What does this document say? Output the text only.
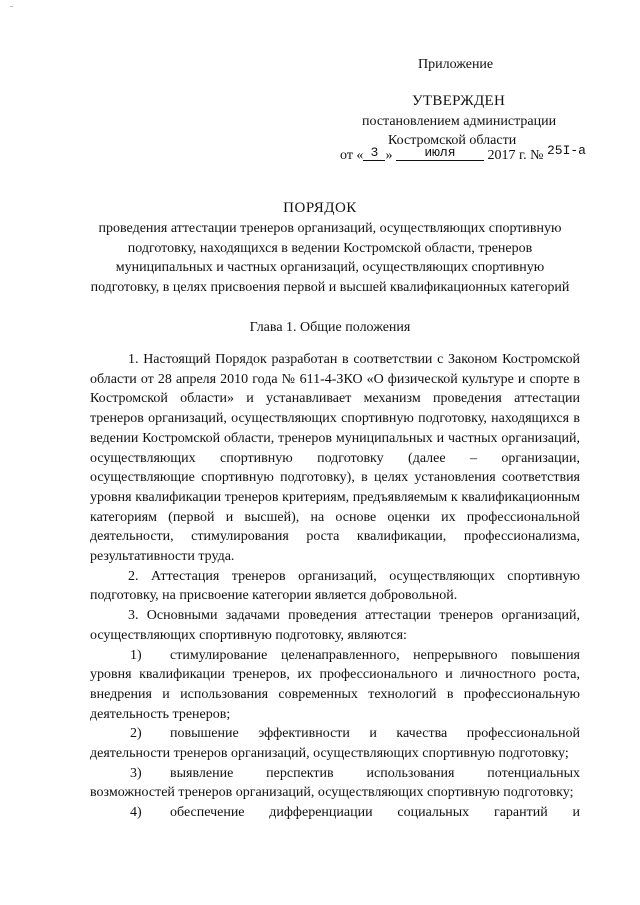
Приложение
УТВЕРЖДЕН
постановлением администрации
Костромской области
от « 3 » июля 2017 г. № 25I-а
ПОРЯДОК
проведения аттестации тренеров организаций, осуществляющих спортивную подготовку, находящихся в ведении Костромской области, тренеров муниципальных и частных организаций, осуществляющих спортивную подготовку, в целях присвоения первой и высшей квалификационных категорий
Глава 1. Общие положения

1. Настоящий Порядок разработан в соответствии с Законом Костромской области от 28 апреля 2010 года № 611-4-ЗКО «О физической культуре и спорте в Костромской области» и устанавливает механизм проведения аттестации тренеров организаций, осуществляющих спортивную подготовку, находящихся в ведении Костромской области, тренеров муниципальных и частных организаций, осуществляющих спортивную подготовку (далее – организации, осуществляющие спортивную подготовку), в целях установления соответствия уровня квалификации тренеров критериям, предъявляемым к квалификационным категориям (первой и высшей), на основе оценки их профессиональной деятельности, стимулирования роста квалификации, профессионализма, результативности труда.

2. Аттестация тренеров организаций, осуществляющих спортивную подготовку, на присвоение категории является добровольной.

3. Основными задачами проведения аттестации тренеров организаций, осуществляющих спортивную подготовку, являются:

1) стимулирование целенаправленного, непрерывного повышения уровня квалификации тренеров, их профессионального и личностного роста, внедрения и использования современных технологий в профессиональную деятельность тренеров;

2) повышение эффективности и качества профессиональной деятельности тренеров организаций, осуществляющих спортивную подготовку;

3) выявление перспектив использования потенциальных возможностей тренеров организаций, осуществляющих спортивную подготовку;

4) обеспечение дифференциации социальных гарантий и
